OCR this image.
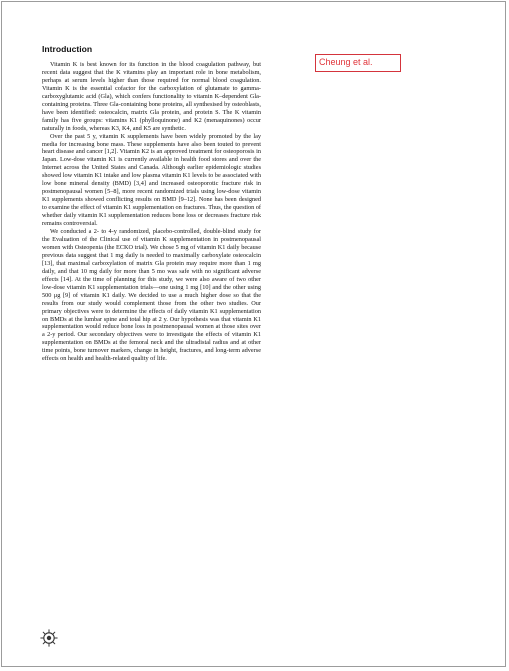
Introduction

Vitamin K is best known for its function in the blood coagulation pathway, but recent data suggest that the K vitamins play an important role in bone metabolism, perhaps at serum levels higher than those required for normal blood coagulation. Vitamin K is the essential cofactor for the carboxylation of glutamate to gamma-carboxyglutamic acid (Gla), which confers functionality to vitamin K–dependent Gla-containing proteins. Three Gla-containing bone proteins, all synthesised by osteoblasts, have been identified: osteocalcin, matrix Gla protein, and protein S. The K vitamin family has five groups: vitamins K1 (phylloquinone) and K2 (menaquinones) occur naturally in foods, whereas K3, K4, and K5 are synthetic.

Over the past 5 y, vitamin K supplements have been widely promoted by the lay media for increasing bone mass. These supplements have also been touted to prevent heart disease and cancer [1,2]. Vitamin K2 is an approved treatment for osteoporosis in Japan. Low-dose vitamin K1 is currently available in health food stores and over the Internet across the United States and Canada. Although earlier epidemiologic studies showed low vitamin K1 intake and low plasma vitamin K1 levels to be associated with low bone mineral density (BMD) [3,4] and increased osteoporotic fracture risk in postmenopausal women [5–8], more recent randomized trials using low-dose vitamin K1 supplements showed conflicting results on BMD [9–12]. None has been designed to examine the effect of vitamin K1 supplementation on fractures. Thus, the question of whether daily vitamin K1 supplementation reduces bone loss or decreases fracture risk remains controversial.

We conducted a 2- to 4-y randomized, placebo-controlled, double-blind study for the Evaluation of the Clinical use of vitamin K supplementation in postmenopausal women with Osteopenia (the ECKO trial). We chose 5 mg of vitamin K1 daily because previous data suggest that 1 mg daily is needed to maximally carboxylate osteocalcin [13], that maximal carboxylation of matrix Gla protein may require more than 1 mg daily, and that 10 mg daily for more than 5 mo was safe with no significant adverse effects [14]. At the time of planning for this study, we were also aware of two other low-dose vitamin K1 supplementation trials—one using 1 mg [10] and the other using 500 μg [9] of vitamin K1 daily. We decided to use a much higher dose so that the results from our study would complement those from the other two studies. Our primary objectives were to determine the effects of daily vitamin K1 supplementation on BMDs at the lumbar spine and total hip at 2 y. Our hypothesis was that vitamin K1 supplementation would reduce bone loss in postmenopausal women at those sites over a 2-y period. Our secondary objectives were to investigate the effects of vitamin K1 supplementation on BMDs at the femoral neck and the ultradistal radius and at other time points, bone turnover markers, change in height, fractures, and long-term adverse effects on health and health-related quality of life.

Cheung et al.
